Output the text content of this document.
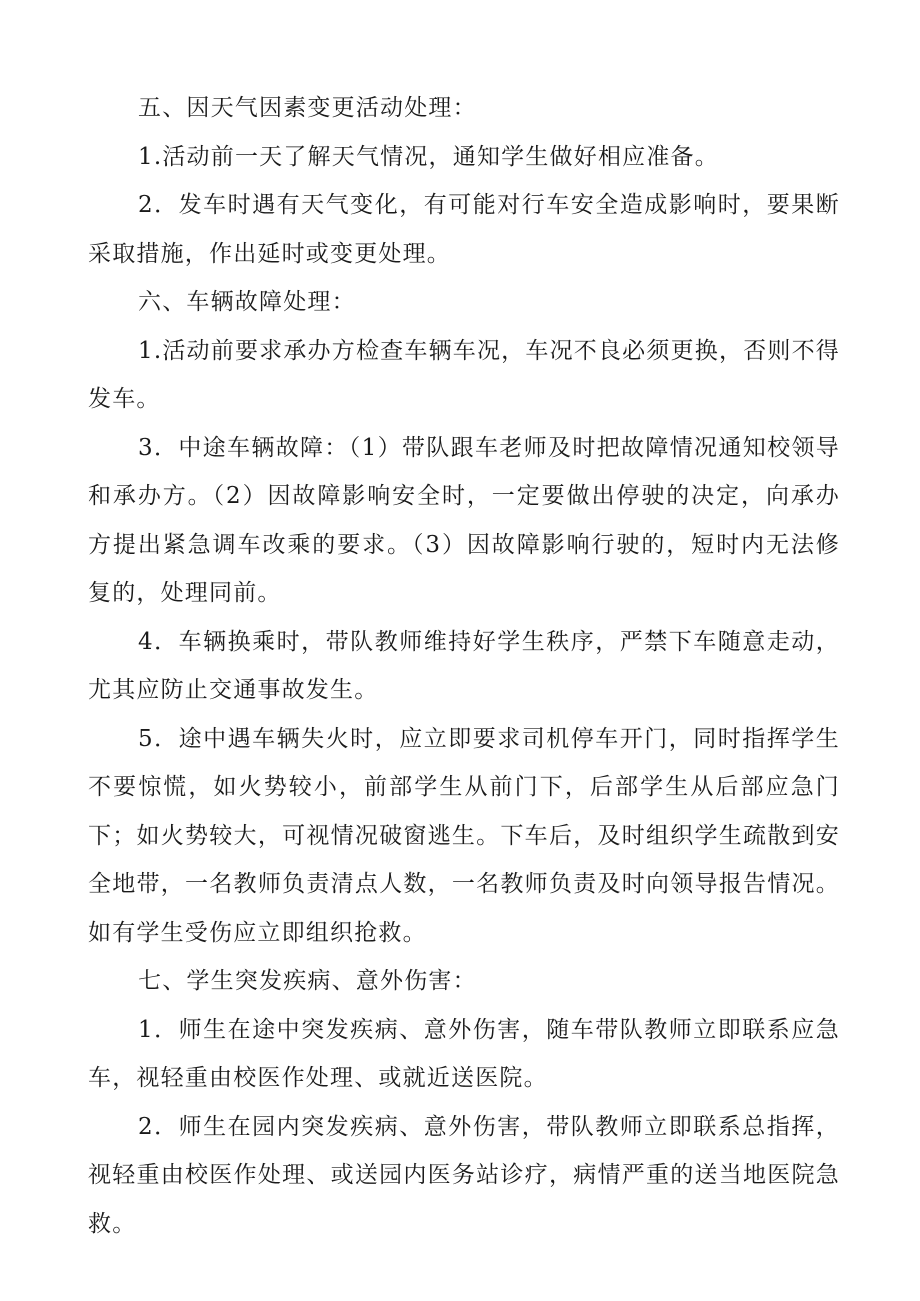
五、因天气因素变更活动处理：

1.活动前一天了解天气情况，通知学生做好相应准备。

2．发车时遇有天气变化，有可能对行车安全造成影响时，要果断采取措施，作出延时或变更处理。

六、车辆故障处理：

1.活动前要求承办方检查车辆车况，车况不良必须更换，否则不得发车。

3．中途车辆故障：（1）带队跟车老师及时把故障情况通知校领导和承办方。（2）因故障影响安全时，一定要做出停驶的决定，向承办方提出紧急调车改乘的要求。（3）因故障影响行驶的，短时内无法修复的，处理同前。

4．车辆换乘时，带队教师维持好学生秩序，严禁下车随意走动，尤其应防止交通事故发生。

5．途中遇车辆失火时，应立即要求司机停车开门，同时指挥学生不要惊慌，如火势较小，前部学生从前门下，后部学生从后部应急门下；如火势较大，可视情况破窗逃生。下车后，及时组织学生疏散到安全地带，一名教师负责清点人数，一名教师负责及时向领导报告情况。如有学生受伤应立即组织抢救。

七、学生突发疾病、意外伤害：

1．师生在途中突发疾病、意外伤害，随车带队教师立即联系应急车，视轻重由校医作处理、或就近送医院。

2．师生在园内突发疾病、意外伤害，带队教师立即联系总指挥，视轻重由校医作处理、或送园内医务站诊疗，病情严重的送当地医院急救。
